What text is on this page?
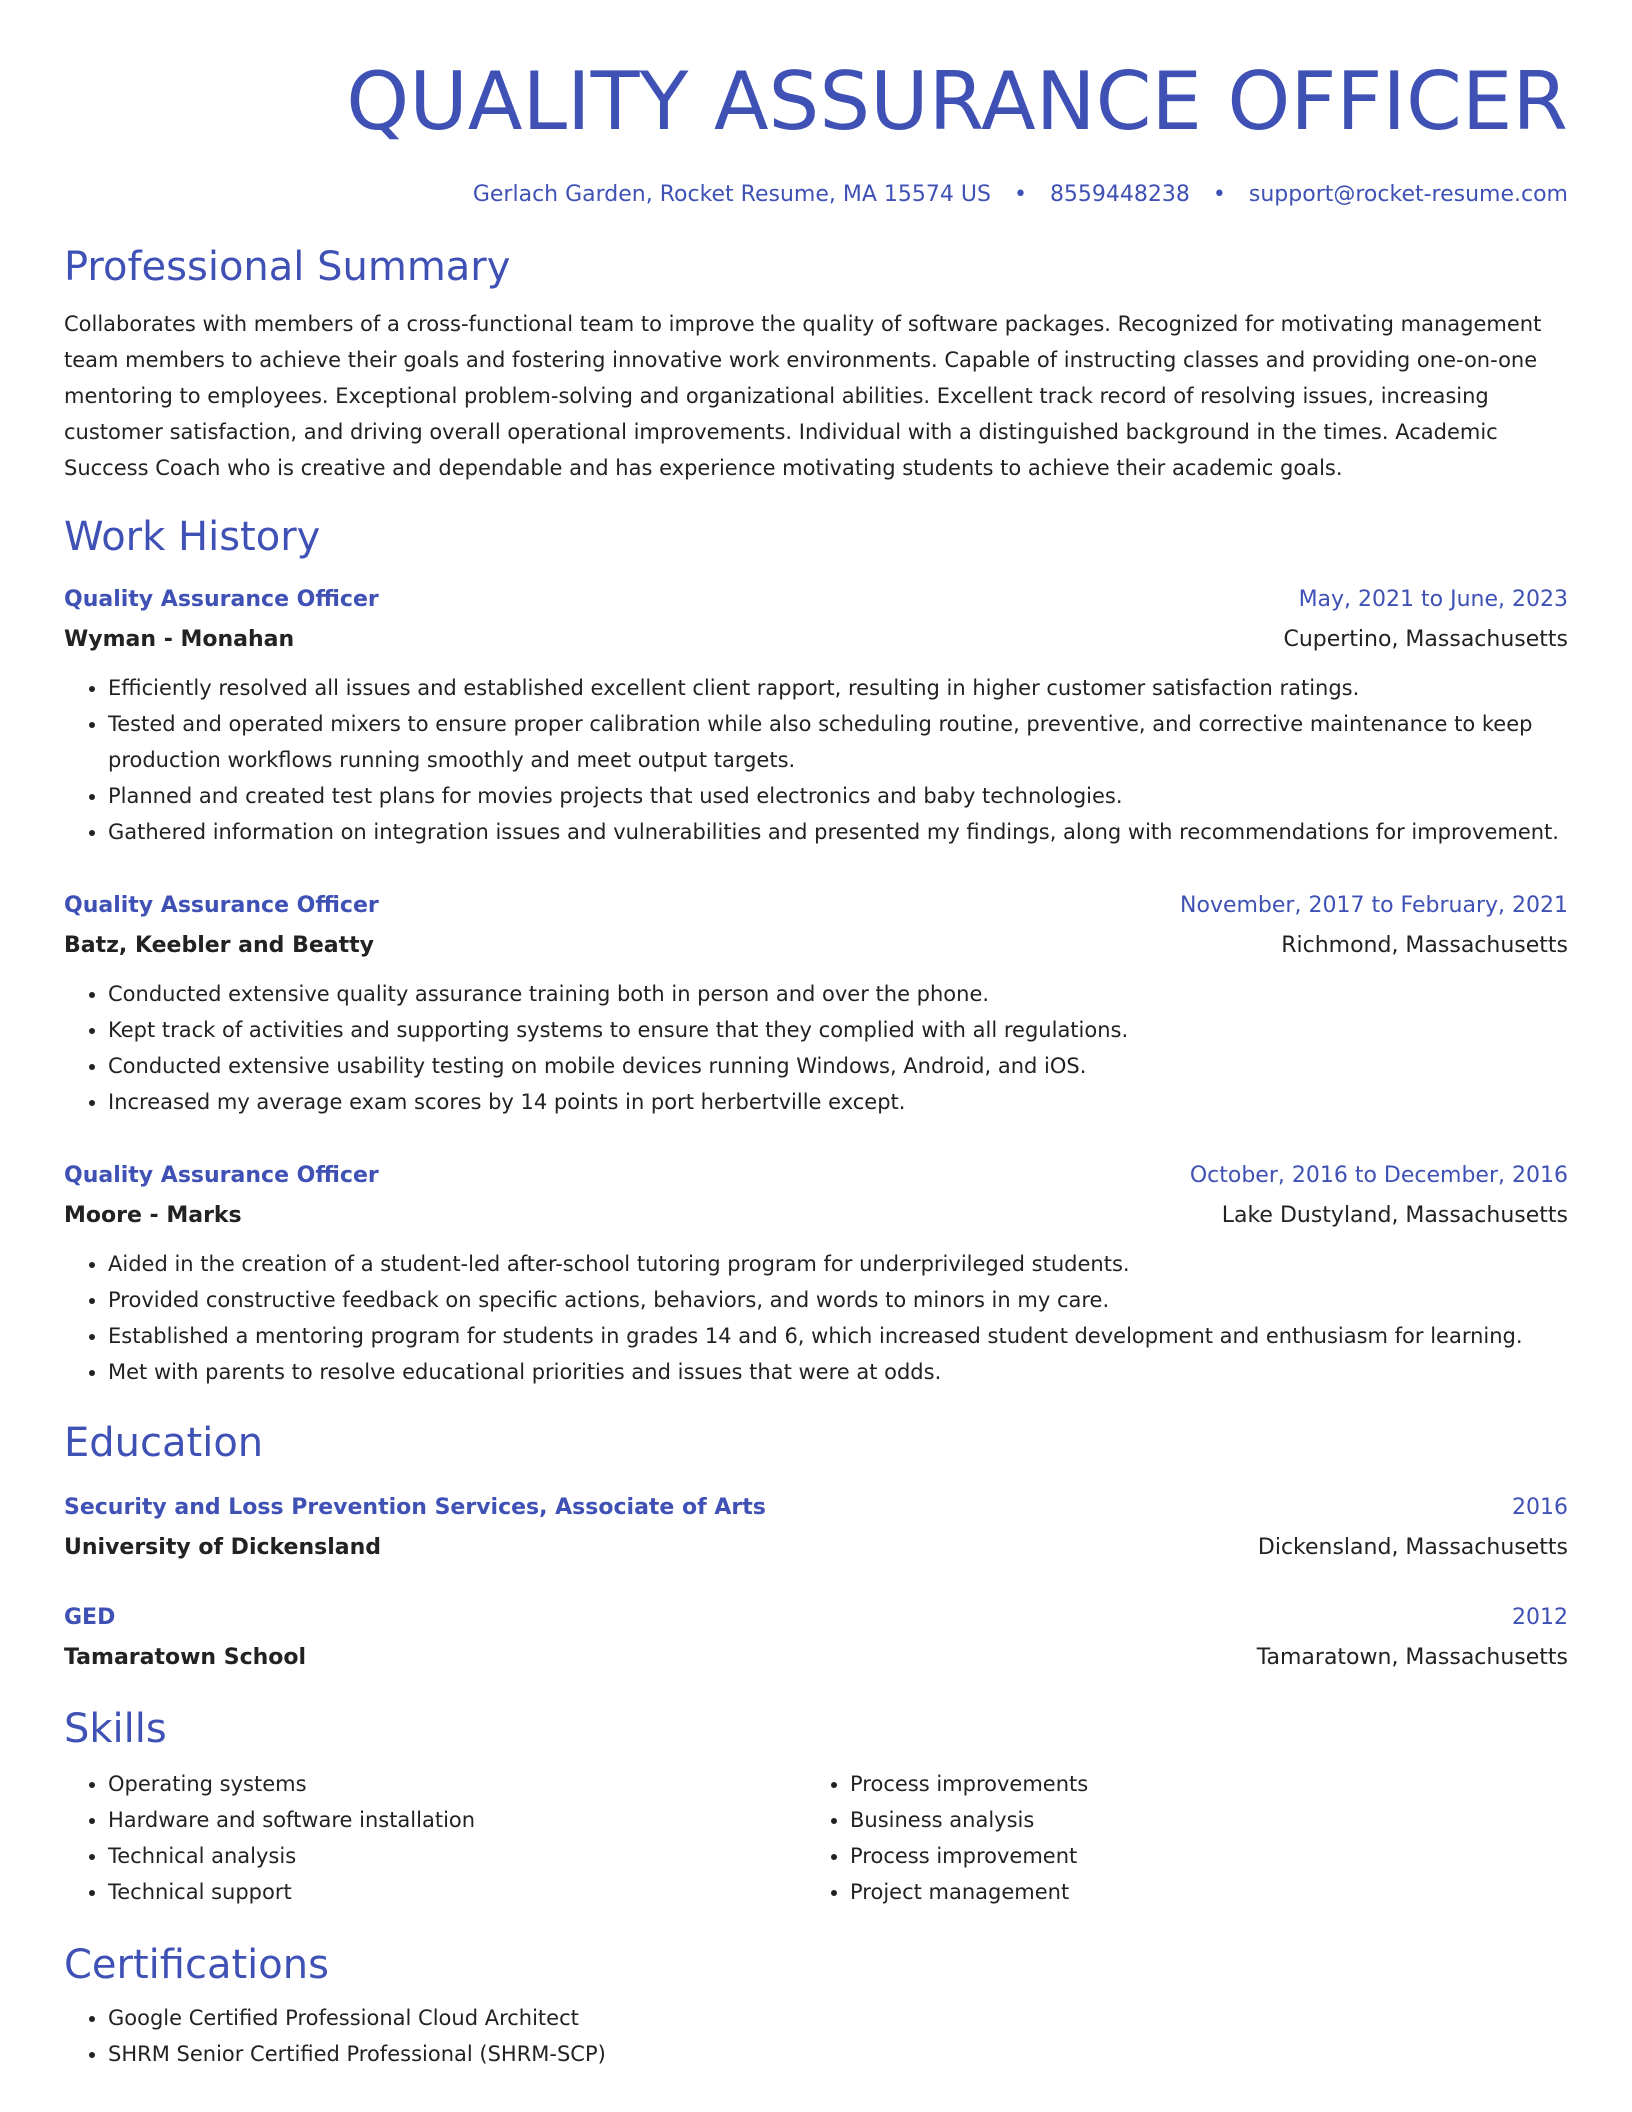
QUALITY ASSURANCE OFFICER
Gerlach Garden, Rocket Resume, MA 15574 US • 8559448238 • support@rocket-resume.com
Professional Summary
Collaborates with members of a cross-functional team to improve the quality of software packages. Recognized for motivating management team members to achieve their goals and fostering innovative work environments. Capable of instructing classes and providing one-on-one mentoring to employees. Exceptional problem-solving and organizational abilities. Excellent track record of resolving issues, increasing customer satisfaction, and driving overall operational improvements. Individual with a distinguished background in the times. Academic Success Coach who is creative and dependable and has experience motivating students to achieve their academic goals.
Work History
Quality Assurance Officer	May, 2021 to June, 2023
Wyman - Monahan	Cupertino, Massachusetts
• Efficiently resolved all issues and established excellent client rapport, resulting in higher customer satisfaction ratings.
• Tested and operated mixers to ensure proper calibration while also scheduling routine, preventive, and corrective maintenance to keep production workflows running smoothly and meet output targets.
• Planned and created test plans for movies projects that used electronics and baby technologies.
• Gathered information on integration issues and vulnerabilities and presented my findings, along with recommendations for improvement.
Quality Assurance Officer	November, 2017 to February, 2021
Batz, Keebler and Beatty	Richmond, Massachusetts
• Conducted extensive quality assurance training both in person and over the phone.
• Kept track of activities and supporting systems to ensure that they complied with all regulations.
• Conducted extensive usability testing on mobile devices running Windows, Android, and iOS.
• Increased my average exam scores by 14 points in port herbertville except.
Quality Assurance Officer	October, 2016 to December, 2016
Moore - Marks	Lake Dustyland, Massachusetts
• Aided in the creation of a student-led after-school tutoring program for underprivileged students.
• Provided constructive feedback on specific actions, behaviors, and words to minors in my care.
• Established a mentoring program for students in grades 14 and 6, which increased student development and enthusiasm for learning.
• Met with parents to resolve educational priorities and issues that were at odds.
Education
Security and Loss Prevention Services, Associate of Arts	2016
University of Dickensland	Dickensland, Massachusetts
GED	2012
Tamaratown School	Tamaratown, Massachusetts
Skills
• Operating systems
• Hardware and software installation
• Technical analysis
• Technical support
• Process improvements
• Business analysis
• Process improvement
• Project management
Certifications
• Google Certified Professional Cloud Architect
• SHRM Senior Certified Professional (SHRM-SCP)
